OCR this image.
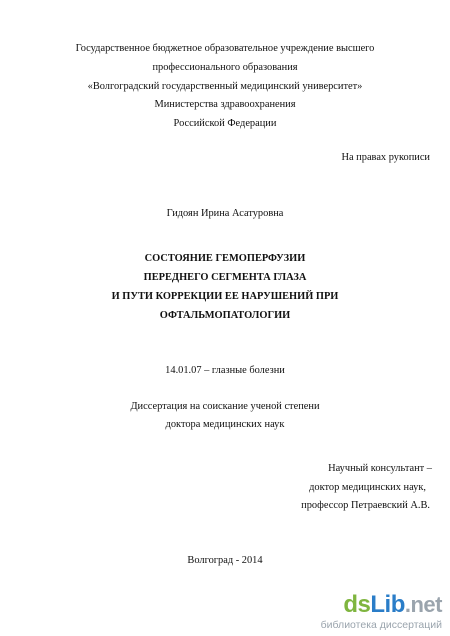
Государственное бюджетное образовательное учреждение высшего
профессионального образования
«Волгоградский государственный медицинский университет»
Министерства здравоохранения
Российской Федерации
На правах рукописи
Гидоян Ирина Асатуровна
СОСТОЯНИЕ ГЕМОПЕРФУЗИИ
ПЕРЕДНЕГО СЕГМЕНТА ГЛАЗА
И ПУТИ КОРРЕКЦИИ ЕЕ НАРУШЕНИЙ ПРИ
ОФТАЛЬМОПАТОЛОГИИ
14.01.07 – глазные болезни
Диссертация на соискание ученой степени
доктора медицинских наук
Научный консультант –
доктор медицинских наук,
профессор Петраевский А.В.
Волгоград - 2014
dsLib.net
библиотека диссертаций
